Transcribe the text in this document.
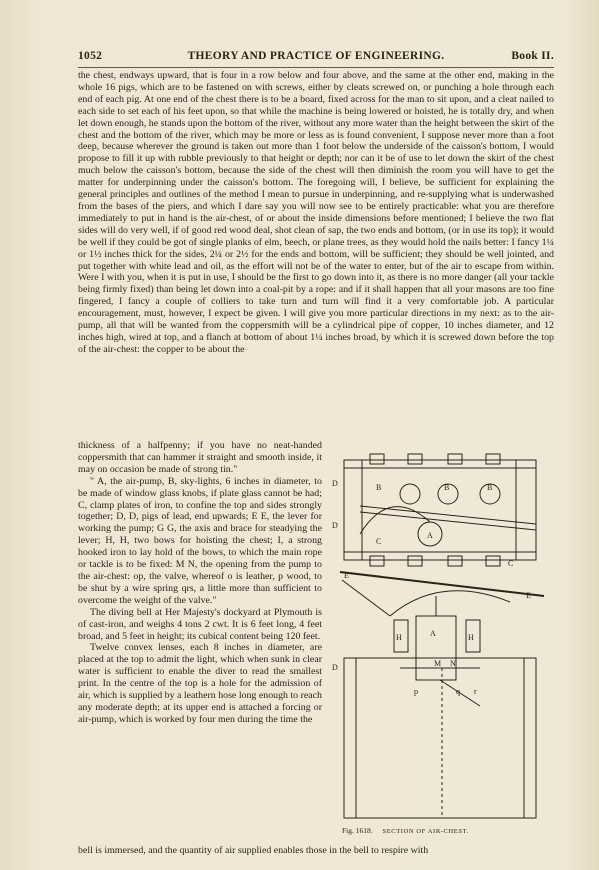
1052	THEORY AND PRACTICE OF ENGINEERING.	Book II.
the chest, endways upward, that is four in a row below and four above, and the same at the other end, making in the whole 16 pigs, which are to be fastened on with screws, either by cleats screwed on, or punching a hole through each end of each pig. At one end of the chest there is to be a board, fixed across for the man to sit upon, and a cleat nailed to each side to set each of his feet upon, so that while the machine is being lowered or hoisted, he is totally dry, and when let down enough, he stands upon the bottom of the river, without any more water than the height between the skirt of the chest and the bottom of the river, which may be more or less as is found convenient, I suppose never more than a foot deep, because wherever the ground is taken out more than 1 foot below the underside of the caisson's bottom, I would propose to fill it up with rubble previously to that height or depth; nor can it be of use to let down the skirt of the chest much below the caisson's bottom, because the side of the chest will then diminish the room you will have to get the matter for underpinning under the caisson's bottom. The foregoing will, I believe, be sufficient for explaining the general principles and outlines of the method I mean to pursue in underpinning, and re-supplying what is underwashed from the bases of the piers, and which I dare say you will now see to be entirely practicable: what you are therefore immediately to put in hand is the air-chest, of or about the inside dimensions before mentioned; I believe the two flat sides will do very well, if of good red wood deal, shot clean of sap, the two ends and bottom, (or in use its top); it would be well if they could be got of single planks of elm, beech, or plane trees, as they would hold the nails better: I fancy 1¼ or 1½ inches thick for the sides, 2¼ or 2½ for the ends and bottom, will be sufficient; they should be well jointed, and put together with white lead and oil, as the effort will not be of the water to enter, but of the air to escape from within. Were I with you, when it is put in use, I should be the first to go down into it, as there is no more danger (all your tackle being firmly fixed) than being let down into a coal-pit by a rope: and if it shall happen that all your masons are too fine fingered, I fancy a couple of colliers to take turn and turn will find it a very comfortable job. A particular encouragement, must, however, I expect be given. I will give you more particular directions in my next: as to the air-pump, all that will be wanted from the coppersmith will be a cylindrical pipe of copper, 10 inches diameter, and 12 inches high, wired at top, and a flanch at bottom of about 1¼ inches broad, by which it is screwed down before the top of the air-chest: the copper to be about the

thickness of a halfpenny; if you have no neat-handed coppersmith that can hammer it straight and smooth inside, it may on occasion be made of strong tin."

" A, the air-pump, B, sky-lights, 6 inches in diameter, to be made of window glass knobs, if plate glass cannot be had; C, clamp plates of iron, to confine the top and sides strongly together; D, D, pigs of lead, end upwards; E E, the lever for working the pump; G G, the axis and brace for steadying the lever; H, H, two bows for hoisting the chest; I, a strong hooked iron to lay hold of the bows, to which the main rope or tackle is to be fixed: M N, the opening from the pump to the air-chest: op, the valve, whereof o is leather, p wood, to be shut by a wire spring qrs, a little more than sufficient to overcome the weight of the valve."

The diving bell at Her Majesty's dockyard at Plymouth is of cast-iron, and weighs 4 tons 2 cwt. It is 6 feet long, 4 feet broad, and 5 feet in height; its cubical content being 120 feet.

Twelve convex lenses, each 8 inches in diameter, are placed at the top to admit the light, which when sunk in clear water is sufficient to enable the diver to read the smallest print. In the centre of the top is a hole for the admission of air, which is supplied by a leathern hose long enough to reach any moderate depth; at its upper end is attached a forcing or air-pump, which is worked by four men during the time the

D
D
B	B	B
A
C
C
E
E
H	H
A
D	M N
p	q r
Fig. 1618. SECTION OF AIR-CHEST.
bell is immersed, and the quantity of air supplied enables those in the bell to respire with
